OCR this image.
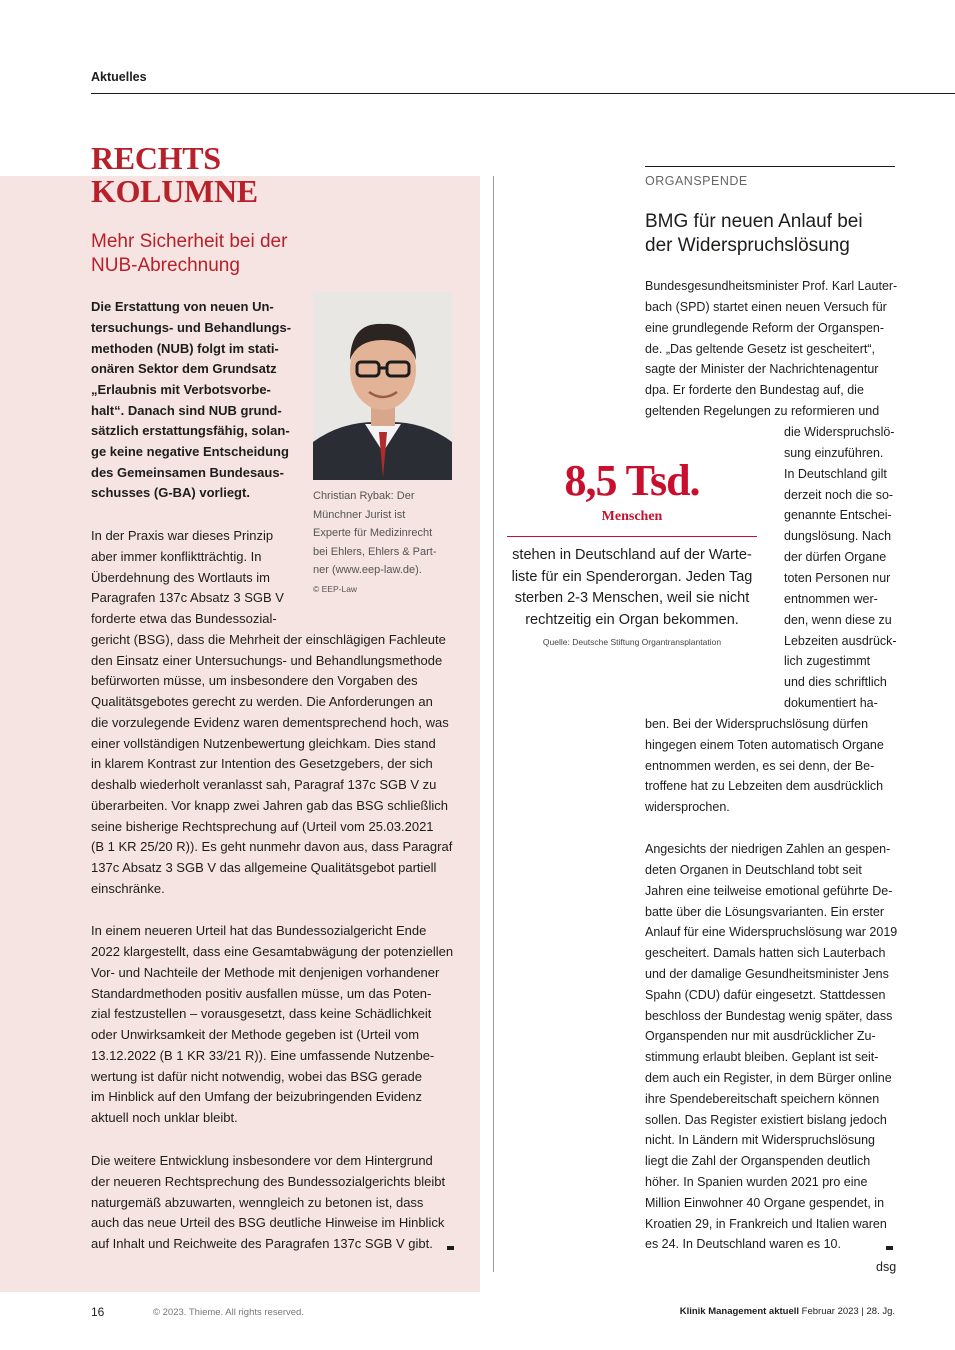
Aktuelles
RECHTS
KOLUMNE
Mehr Sicherheit bei der
NUB-Abrechnung
Die Erstattung von neuen Un-
tersuchungs- und Behandlungs-
methoden (NUB) folgt im stati-
onären Sektor dem Grundsatz
„Erlaubnis mit Verbotsvorbe-
halt“. Danach sind NUB grund-
sätzlich erstattungsfähig, solan-
ge keine negative Entscheidung
des Gemeinsamen Bundesaus-
schusses (G-BA) vorliegt.	Christian Rybak: Der
Münchner Jurist ist
Experte für Medizinrecht
bei Ehlers, Ehlers & Part-
ner (www.eep-law.de).
© EEP-Law
In der Praxis war dieses Prinzip
aber immer konfliktträchtig. In
Überdehnung des Wortlauts im
Paragrafen 137c Absatz 3 SGB V
forderte etwa das Bundessozial-
gericht (BSG), dass die Mehrheit der einschlägigen Fachleute
den Einsatz einer Untersuchungs- und Behandlungsmethode
befürworten müsse, um insbesondere den Vorgaben des
Qualitätsgebotes gerecht zu werden. Die Anforderungen an
die vorzulegende Evidenz waren dementsprechend hoch, was
einer vollständigen Nutzenbewertung gleichkam. Dies stand
in klarem Kontrast zur Intention des Gesetzgebers, der sich
deshalb wiederholt veranlasst sah, Paragraf 137c SGB V zu
überarbeiten. Vor knapp zwei Jahren gab das BSG schließlich
seine bisherige Rechtsprechung auf (Urteil vom 25.03.2021
(B 1 KR 25/20 R)). Es geht nunmehr davon aus, dass Paragraf
137c Absatz 3 SGB V das allgemeine Qualitätsgebot partiell
einschränke.
In einem neueren Urteil hat das Bundessozialgericht Ende
2022 klargestellt, dass eine Gesamtabwägung der potenziellen
Vor- und Nachteile der Methode mit denjenigen vorhandener
Standardmethoden positiv ausfallen müsse, um das Poten-
zial festzustellen – vorausgesetzt, dass keine Schädlichkeit
oder Unwirksamkeit der Methode gegeben ist (Urteil vom
13.12.2022 (B 1 KR 33/21 R)). Eine umfassende Nutzenbe-
wertung ist dafür nicht notwendig, wobei das BSG gerade
im Hinblick auf den Umfang der beizubringenden Evidenz
aktuell noch unklar bleibt.
Die weitere Entwicklung insbesondere vor dem Hintergrund
der neueren Rechtsprechung des Bundessozialgerichts bleibt
naturgemäß abzuwarten, wenngleich zu betonen ist, dass
auch das neue Urteil des BSG deutliche Hinweise im Hinblick
auf Inhalt und Reichweite des Paragrafen 137c SGB V gibt.
ORGANSPENDE
BMG für neuen Anlauf bei
der Widerspruchslösung
Bundesgesundheitsminister Prof. Karl Lauter-
bach (SPD) startet einen neuen Versuch für
eine grundlegende Reform der Organspen-
de. „Das geltende Gesetz ist gescheitert“,
sagte der Minister der Nachrichtenagentur
dpa. Er forderte den Bundestag auf, die
geltenden Regelungen zu reformieren und
die Widerspruchslö-
sung einzuführen.
In Deutschland gilt
derzeit noch die so-
genannte Entschei-
dungslösung. Nach
der dürfen Organe
toten Personen nur
entnommen wer-
den, wenn diese zu
Lebzeiten ausdrück-
lich zugestimmt
und dies schriftlich
dokumentiert ha-
ben. Bei der Widerspruchslösung dürfen
hingegen einem Toten automatisch Organe
entnommen werden, es sei denn, der Be-
troffene hat zu Lebzeiten dem ausdrücklich
widersprochen.
Angesichts der niedrigen Zahlen an gespen-
deten Organen in Deutschland tobt seit
Jahren eine teilweise emotional geführte De-
batte über die Lösungsvarianten. Ein erster
Anlauf für eine Widerspruchslösung war 2019
gescheitert. Damals hatten sich Lauterbach
und der damalige Gesundheitsminister Jens
Spahn (CDU) dafür eingesetzt. Stattdessen
beschloss der Bundestag wenig später, dass
Organspenden nur mit ausdrücklicher Zu-
stimmung erlaubt bleiben. Geplant ist seit-
dem auch ein Register, in dem Bürger online
ihre Spendebereitschaft speichern können
sollen. Das Register existiert bislang jedoch
nicht. In Ländern mit Widerspruchslösung
liegt die Zahl der Organspenden deutlich
höher. In Spanien wurden 2021 pro eine
Million Einwohner 40 Organe gespendet, in
Kroatien 29, in Frankreich und Italien waren
es 24. In Deutschland waren es 10.
dsg
8,5 Tsd.
Menschen
stehen in Deutschland auf der Warte-
liste für ein Spenderorgan. Jeden Tag
sterben 2-3 Menschen, weil sie nicht
rechtzeitig ein Organ bekommen.
Quelle: Deutsche Stiftung Organtransplantation
16	© 2023. Thieme. All rights reserved.	Klinik Management aktuell Februar 2023 | 28. Jg.
